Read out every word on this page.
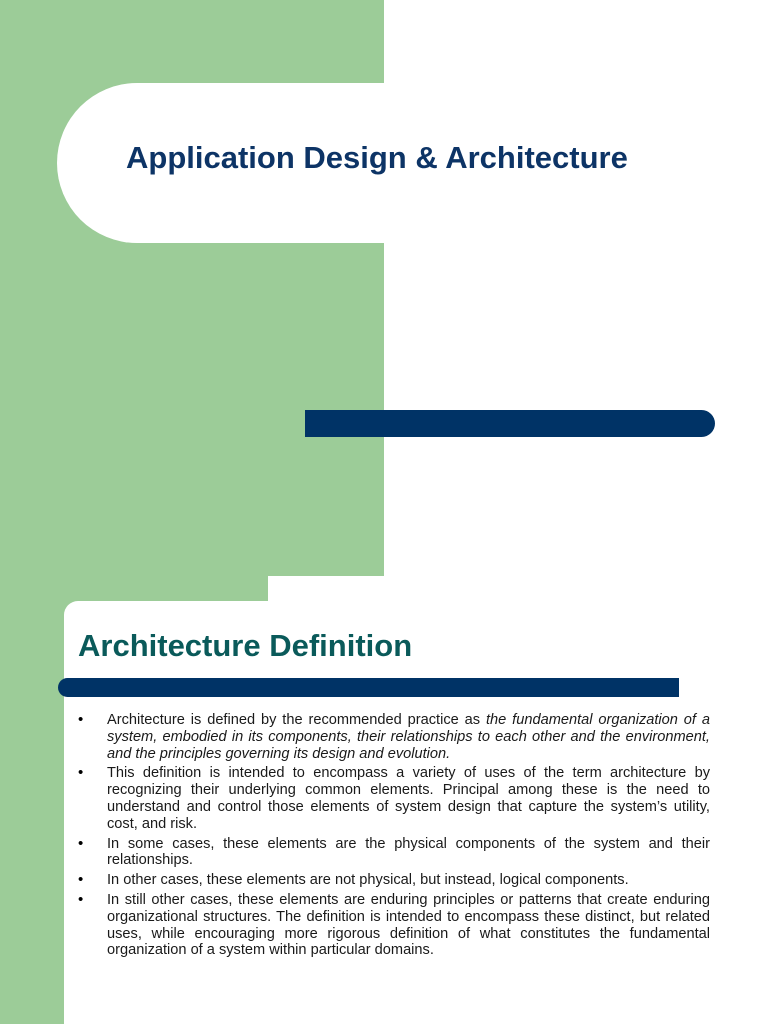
Application Design & Architecture
Architecture Definition
• Architecture is defined by the recommended practice as the fundamental organization of a system, embodied in its components, their relationships to each other and the environment, and the principles governing its design and evolution.
• This definition is intended to encompass a variety of uses of the term architecture by recognizing their underlying common elements. Principal among these is the need to understand and control those elements of system design that capture the system’s utility, cost, and risk.
• In some cases, these elements are the physical components of the system and their relationships.
• In other cases, these elements are not physical, but instead, logical components.
• In still other cases, these elements are enduring principles or patterns that create enduring organizational structures. The definition is intended to encompass these distinct, but related uses, while encouraging more rigorous definition of what constitutes the fundamental organization of a system within particular domains.
